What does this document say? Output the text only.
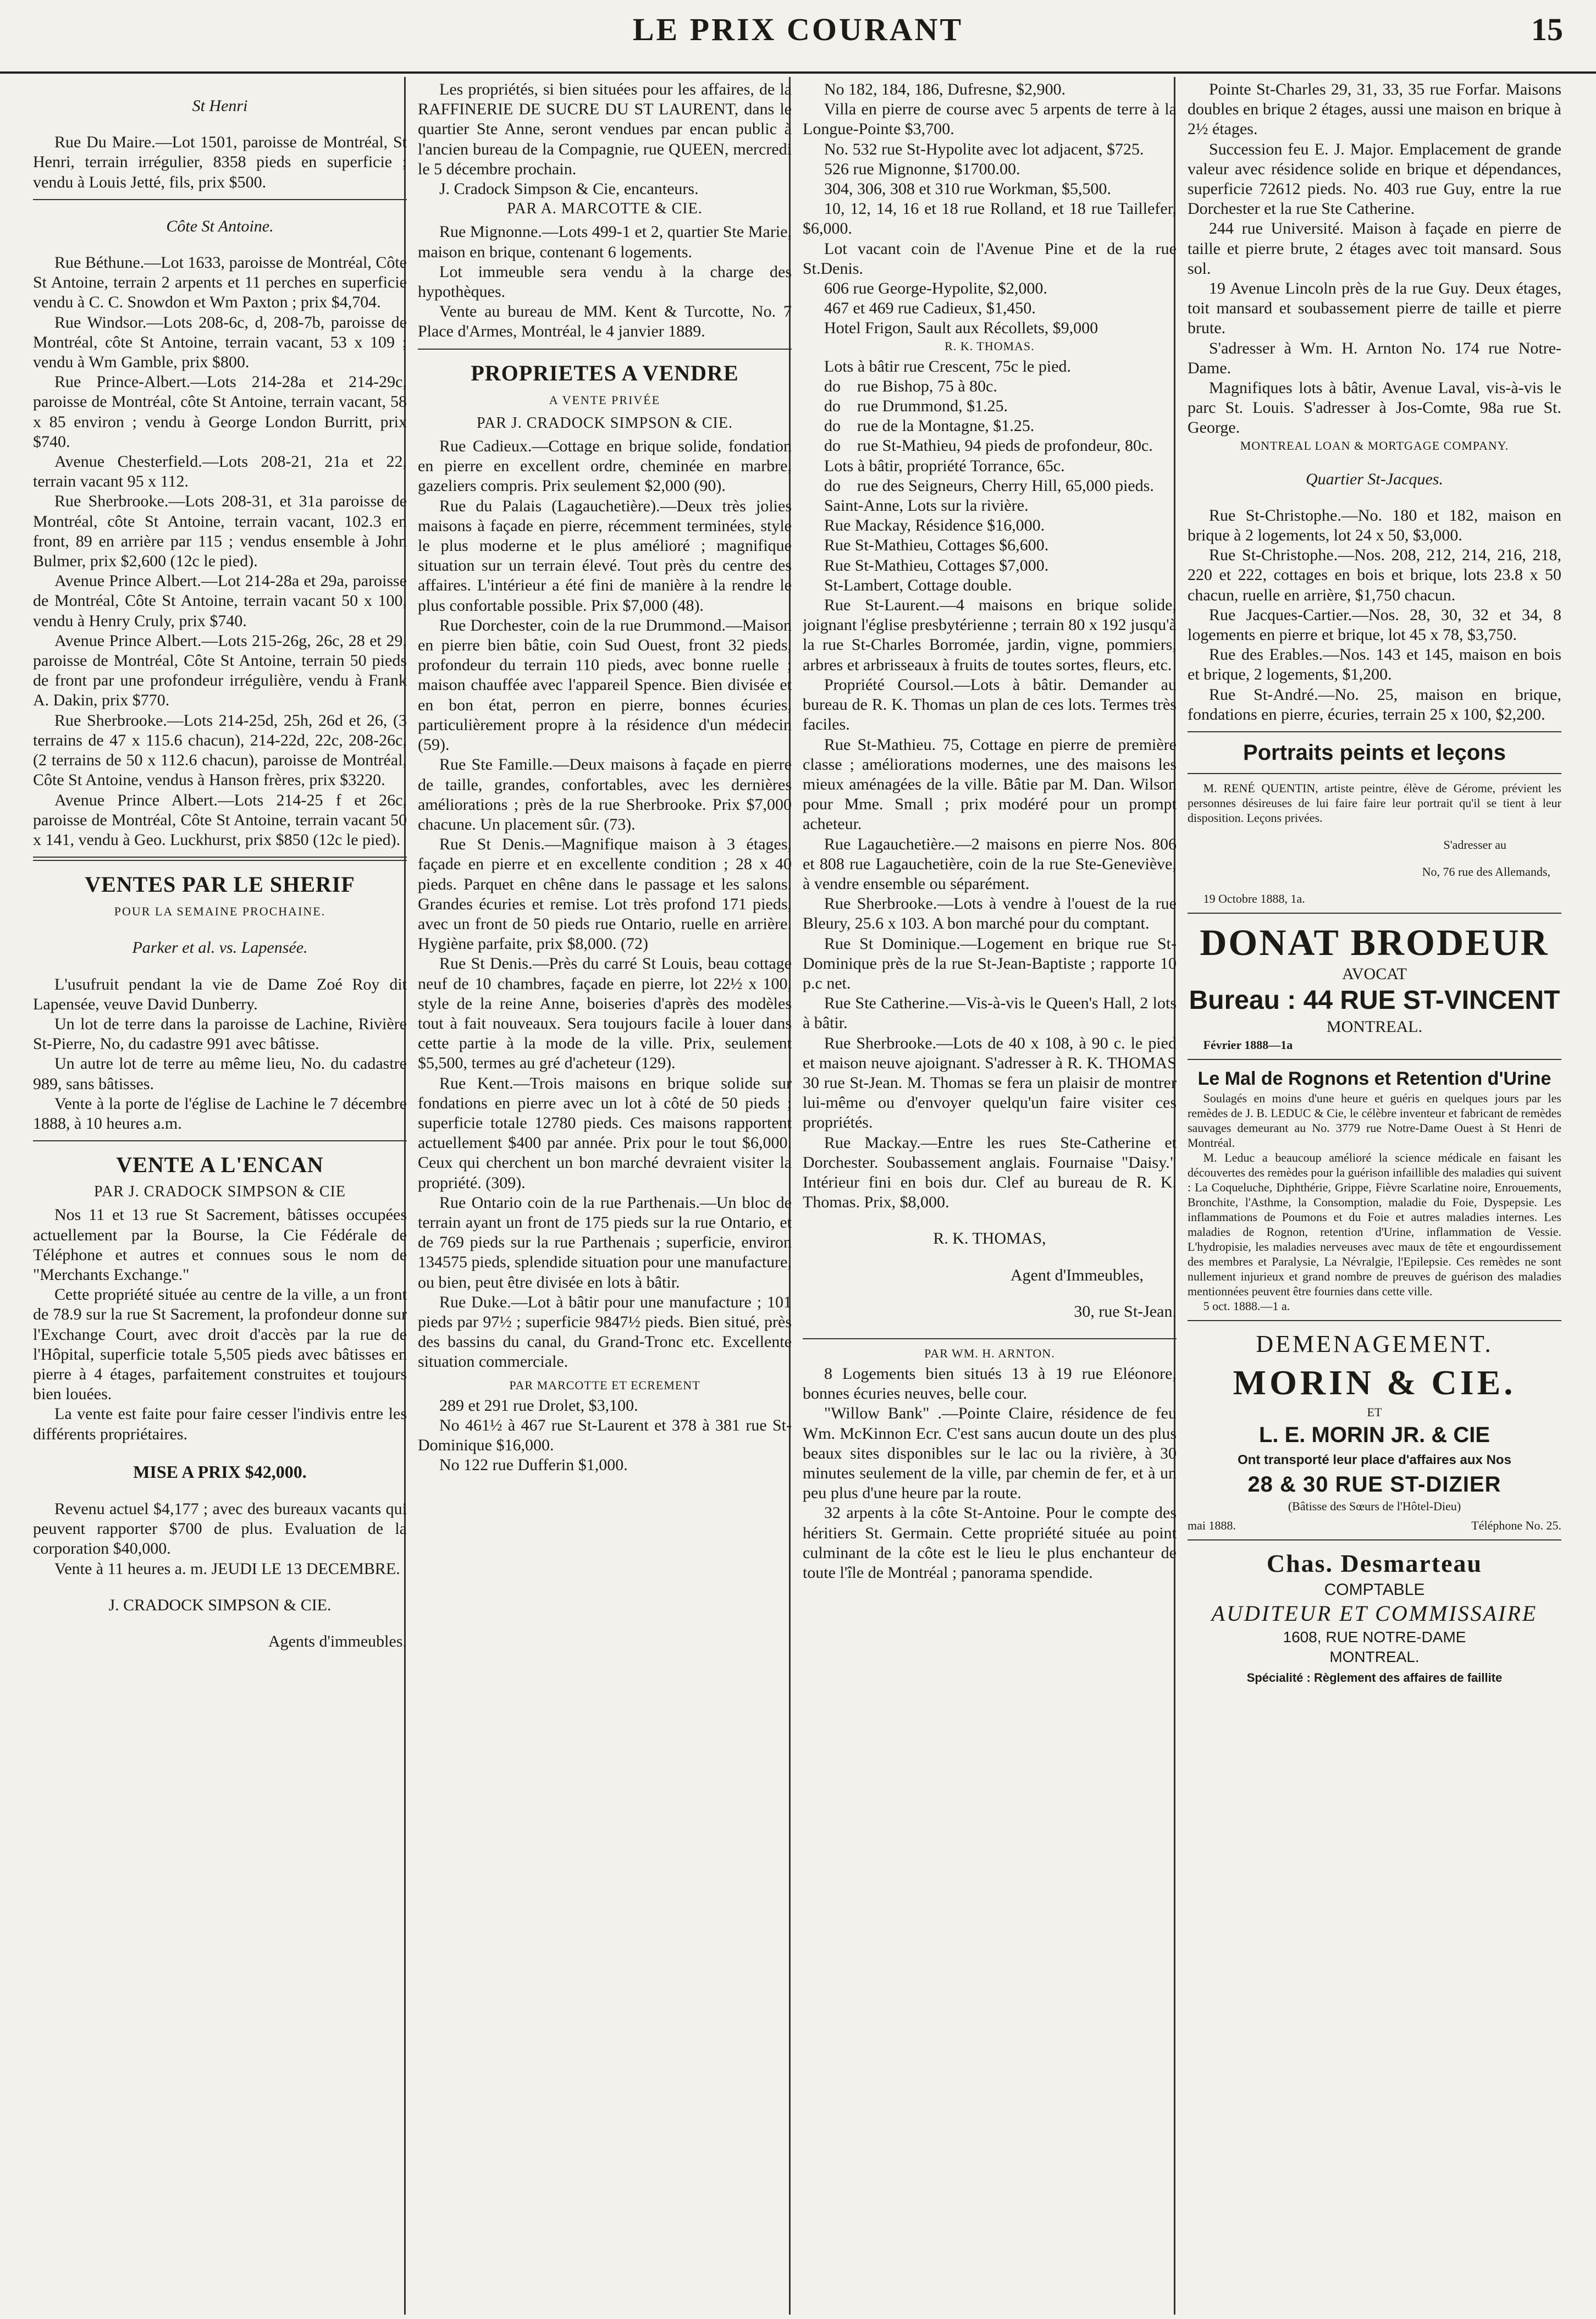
LE PRIX COURANT	15

St Henri

Rue Du Maire.—Lot 1501, paroisse de Montréal, St Henri, terrain irrégulier, 8358 pieds en superficie ; vendu à Louis Jetté, fils, prix $500.

Côte St Antoine.

Rue Béthune.—Lot 1633, paroisse de Montréal, Côte St Antoine, terrain 2 arpents et 11 perches en superficie vendu à C. C. Snowdon et Wm Paxton ; prix $4,704.

Rue Windsor.—Lots 208-6c, d, 208-7b, paroisse de Montréal, côte St Antoine, terrain vacant, 53 x 109 ; vendu à Wm Gamble, prix $800.

Rue Prince-Albert.—Lots 214-28a et 214-29c, paroisse de Montréal, côte St Antoine, terrain vacant, 58 x 85 environ ; vendu à George London Burritt, prix $740.

Avenue Chesterfield.—Lots 208-21, 21a et 22, terrain vacant 95 x 112.

Rue Sherbrooke.—Lots 208-31, et 31a paroisse de Montréal, côte St Antoine, terrain vacant, 102.3 en front, 89 en arrière par 115 ; vendus ensemble à John Bulmer, prix $2,600 (12c le pied).

Avenue Prince Albert.—Lot 214-28a et 29a, paroisse de Montréal, Côte St Antoine, terrain vacant 50 x 100, vendu à Henry Cruly, prix $740.

Avenue Prince Albert.—Lots 215-26g, 26c, 28 et 29, paroisse de Montréal, Côte St Antoine, terrain 50 pieds de front par une profondeur irrégulière, vendu à Frank A. Dakin, prix $770.

Rue Sherbrooke.—Lots 214-25d, 25h, 26d et 26, (3 terrains de 47 x 115.6 chacun), 214-22d, 22c, 208-26c, (2 terrains de 50 x 112.6 chacun), paroisse de Montréal, Côte St Antoine, vendus à Hanson frères, prix $3220.

Avenue Prince Albert.—Lots 214-25 f et 26c, paroisse de Montréal, Côte St Antoine, terrain vacant 50 x 141, vendu à Geo. Luckhurst, prix $850 (12c le pied).

VENTES PAR LE SHERIF
POUR LA SEMAINE PROCHAINE.

Parker et al. vs. Lapensée.

L'usufruit pendant la vie de Dame Zoé Roy dit Lapensée, veuve David Dunberry.

Un lot de terre dans la paroisse de Lachine, Rivière St-Pierre, No, du cadastre 991 avec bâtisse.

Un autre lot de terre au même lieu, No. du cadastre 989, sans bâtisses.

Vente à la porte de l'église de Lachine le 7 décembre 1888, à 10 heures a.m.

VENTE A L'ENCAN
PAR J. CRADOCK SIMPSON & CIE

Nos 11 et 13 rue St Sacrement, bâtisses occupées actuellement par la Bourse, la Cie Fédérale de Téléphone et autres et connues sous le nom de "Merchants Exchange."

Cette propriété située au centre de la ville, a un front de 78.9 sur la rue St Sacrement, la profondeur donne sur l'Exchange Court, avec droit d'accès par la rue de l'Hôpital, superficie totale 5,505 pieds avec bâtisses en pierre à 4 étages, parfaitement construites et toujours bien louées.

La vente est faite pour faire cesser l'indivis entre les différents propriétaires.

MISE A PRIX $42,000.

Revenu actuel $4,177 ; avec des bureaux vacants qui peuvent rapporter $700 de plus. Evaluation de la corporation $40,000.

Vente à 11 heures a. m. JEUDI LE 13 DECEMBRE.

J. CRADOCK SIMPSON & CIE.

Agents d'immeubles.

Les propriétés, si bien situées pour les affaires, de la RAFFINERIE DE SUCRE DU ST LAURENT, dans le quartier Ste Anne, seront vendues par encan public à l'ancien bureau de la Compagnie, rue QUEEN, mercredi le 5 décembre prochain.

J. Cradock Simpson & Cie, encanteurs.

PAR A. MARCOTTE & CIE.

Rue Mignonne.—Lots 499-1 et 2, quartier Ste Marie, maison en brique, contenant 6 logements.

Lot immeuble sera vendu à la charge des hypothèques.

Vente au bureau de MM. Kent & Turcotte, No. 7 Place d'Armes, Montréal, le 4 janvier 1889.

PROPRIETES A VENDRE
A VENTE PRIVÉE
PAR J. CRADOCK SIMPSON & CIE.

Rue Cadieux.—Cottage en brique solide, fondation en pierre en excellent ordre, cheminée en marbre, gazeliers compris. Prix seulement $2,000 (90).

Rue du Palais (Lagauchetière).—Deux très jolies maisons à façade en pierre, récemment terminées, style le plus moderne et le plus amélioré ; magnifique situation sur un terrain élevé. Tout près du centre des affaires. L'intérieur a été fini de manière à la rendre le plus confortable possible. Prix $7,000 (48).

Rue Dorchester, coin de la rue Drummond.—Maison en pierre bien bâtie, coin Sud Ouest, front 32 pieds, profondeur du terrain 110 pieds, avec bonne ruelle ; maison chauffée avec l'appareil Spence. Bien divisée et en bon état, perron en pierre, bonnes écuries, particulièrement propre à la résidence d'un médecin (59).

Rue Ste Famille.—Deux maisons à façade en pierre de taille, grandes, confortables, avec les dernières améliorations ; près de la rue Sherbrooke. Prix $7,000 chacune. Un placement sûr. (73).

Rue St Denis.—Magnifique maison à 3 étages, façade en pierre et en excellente condition ; 28 x 40 pieds. Parquet en chêne dans le passage et les salons. Grandes écuries et remise. Lot très profond 171 pieds, avec un front de 50 pieds rue Ontario, ruelle en arrière. Hygiène parfaite, prix $8,000. (72)

Rue St Denis.—Près du carré St Louis, beau cottage neuf de 10 chambres, façade en pierre, lot 22½ x 100, style de la reine Anne, boiseries d'après des modèles tout à fait nouveaux. Sera toujours facile à louer dans cette partie à la mode de la ville. Prix, seulement $5,500, termes au gré d'acheteur (129).

Rue Kent.—Trois maisons en brique solide sur fondations en pierre avec un lot à côté de 50 pieds ; superficie totale 12780 pieds. Ces maisons rapportent actuellement $400 par année. Prix pour le tout $6,000. Ceux qui cherchent un bon marché devraient visiter la propriété. (309).

Rue Ontario coin de la rue Parthenais.—Un bloc de terrain ayant un front de 175 pieds sur la rue Ontario, et de 769 pieds sur la rue Parthenais ; superficie, environ 134575 pieds, splendide situation pour une manufacture, ou bien, peut être divisée en lots à bâtir.

Rue Duke.—Lot à bâtir pour une manufacture ; 101 pieds par 97½ ; superficie 9847½ pieds. Bien situé, près des bassins du canal, du Grand-Tronc etc. Excellente situation commerciale.

PAR MARCOTTE ET ECREMENT

289 et 291 rue Drolet, $3,100.

No 461½ à 467 rue St-Laurent et 378 à 381 rue St-Dominique $16,000.

No 122 rue Dufferin $1,000.

No 182, 184, 186, Dufresne, $2,900.

Villa en pierre de course avec 5 arpents de terre à la Longue-Pointe $3,700.

No. 532 rue St-Hypolite avec lot adjacent, $725.

526 rue Mignonne, $1700.00.

304, 306, 308 et 310 rue Workman, $5,500.

10, 12, 14, 16 et 18 rue Rolland, et 18 rue Taillefer, $6,000.

Lot vacant coin de l'Avenue Pine et de la rue St.Denis.

606 rue George-Hypolite, $2,000.

467 et 469 rue Cadieux, $1,450.

Hotel Frigon, Sault aux Récollets, $9,000

R. K. THOMAS.

Lots à bâtir rue Crescent, 75c le pied.

do rue Bishop, 75 à 80c.

do rue Drummond, $1.25.

do rue de la Montagne, $1.25.

do rue St-Mathieu, 94 pieds de profondeur, 80c.

Lots à bâtir, propriété Torrance, 65c.

do rue des Seigneurs, Cherry Hill, 65,000 pieds.

Saint-Anne, Lots sur la rivière.

Rue Mackay, Résidence $16,000.

Rue St-Mathieu, Cottages $6,600.

Rue St-Mathieu, Cottages $7,000.

St-Lambert, Cottage double.

Rue St-Laurent.—4 maisons en brique solide, joignant l'église presbytérienne ; terrain 80 x 192 jusqu'à la rue St-Charles Borromée, jardin, vigne, pommiers, arbres et arbrisseaux à fruits de toutes sortes, fleurs, etc.

Propriété Coursol.—Lots à bâtir. Demander au bureau de R. K. Thomas un plan de ces lots. Termes très faciles.

Rue St-Mathieu. 75, Cottage en pierre de première classe ; améliorations modernes, une des maisons les mieux aménagées de la ville. Bâtie par M. Dan. Wilson pour Mme. Small ; prix modéré pour un prompt acheteur.

Rue Lagauchetière.—2 maisons en pierre Nos. 806 et 808 rue Lagauchetière, coin de la rue Ste-Geneviève, à vendre ensemble ou séparément.

Rue Sherbrooke.—Lots à vendre à l'ouest de la rue Bleury, 25.6 x 103. A bon marché pour du comptant.

Rue St Dominique.—Logement en brique rue St-Dominique près de la rue St-Jean-Baptiste ; rapporte 10 p.c net.

Rue Ste Catherine.—Vis-à-vis le Queen's Hall, 2 lots à bâtir.

Rue Sherbrooke.—Lots de 40 x 108, à 90 c. le pied et maison neuve ajoignant. S'adresser à R. K. THOMAS 30 rue St-Jean. M. Thomas se fera un plaisir de montrer lui-même ou d'envoyer quelqu'un faire visiter ces propriétés.

Rue Mackay.—Entre les rues Ste-Catherine et Dorchester. Soubassement anglais. Fournaise "Daisy." Intérieur fini en bois dur. Clef au bureau de R. K. Thomas. Prix, $8,000.

R. K. THOMAS,

Agent d'Immeubles,

30, rue St-Jean.

PAR WM. H. ARNTON.

8 Logements bien situés 13 à 19 rue Eléonore, bonnes écuries neuves, belle cour.

"Willow Bank" .—Pointe Claire, résidence de feu Wm. McKinnon Ecr. C'est sans aucun doute un des plus beaux sites disponibles sur le lac ou la rivière, à 30 minutes seulement de la ville, par chemin de fer, et à un peu plus d'une heure par la route.

32 arpents à la côte St-Antoine. Pour le compte des héritiers St. Germain. Cette propriété située au point culminant de la côte est le lieu le plus enchanteur de toute l'île de Montréal ; panorama spendide.

Pointe St-Charles 29, 31, 33, 35 rue Forfar. Maisons doubles en brique 2 étages, aussi une maison en brique à 2½ étages.

Succession feu E. J. Major. Emplacement de grande valeur avec résidence solide en brique et dépendances, superficie 72612 pieds. No. 403 rue Guy, entre la rue Dorchester et la rue Ste Catherine.

244 rue Université. Maison à façade en pierre de taille et pierre brute, 2 étages avec toit mansard. Sous sol.

19 Avenue Lincoln près de la rue Guy. Deux étages, toit mansard et soubassement pierre de taille et pierre brute.

S'adresser à Wm. H. Arnton No. 174 rue Notre-Dame.

Magnifiques lots à bâtir, Avenue Laval, vis-à-vis le parc St. Louis. S'adresser à Jos-Comte, 98a rue St. George.

MONTREAL LOAN & MORTGAGE COMPANY.

Quartier St-Jacques.

Rue St-Christophe.—No. 180 et 182, maison en brique à 2 logements, lot 24 x 50, $3,000.

Rue St-Christophe.—Nos. 208, 212, 214, 216, 218, 220 et 222, cottages en bois et brique, lots 23.8 x 50 chacun, ruelle en arrière, $1,750 chacun.

Rue Jacques-Cartier.—Nos. 28, 30, 32 et 34, 8 logements en pierre et brique, lot 45 x 78, $3,750.

Rue des Erables.—Nos. 143 et 145, maison en bois et brique, 2 logements, $1,200.

Rue St-André.—No. 25, maison en brique, fondations en pierre, écuries, terrain 25 x 100, $2,200.

Portraits peints et leçons

M. RENÉ QUENTIN, artiste peintre, élève de Gérome, prévient les personnes désireuses de lui faire faire leur portrait qu'il se tient à leur disposition. Leçons privées.

S'adresser au

No, 76 rue des Allemands,

19 Octobre 1888, 1a.

DONAT BRODEUR
AVOCAT
Bureau : 44 RUE ST-VINCENT
MONTREAL.

Février 1888—1a

Le Mal de Rognons et Retention d'Urine

Soulagés en moins d'une heure et guéris en quelques jours par les remèdes de J. B. LEDUC & Cie, le célèbre inventeur et fabricant de remèdes sauvages demeurant au No. 3779 rue Notre-Dame Ouest à St Henri de Montréal.

M. Leduc a beaucoup amélioré la science médicale en faisant les découvertes des remèdes pour la guérison infaillible des maladies qui suivent : La Coqueluche, Diphthérie, Grippe, Fièvre Scarlatine noire, Enrouements, Bronchite, l'Asthme, la Consomption, maladie du Foie, Dyspepsie. Les inflammations de Poumons et du Foie et autres maladies internes. Les maladies de Rognon, retention d'Urine, inflammation de Vessie. L'hydropisie, les maladies nerveuses avec maux de tête et engourdissement des membres et Paralysie, La Névralgie, l'Epilepsie. Ces remèdes ne sont nullement injurieux et grand nombre de preuves de guérison des maladies mentionnées peuvent être fournies dans cette ville.

5 oct. 1888.—1 a.

DEMENAGEMENT.
MORIN & CIE.
ET
L. E. MORIN JR. & CIE
Ont transporté leur place d'affaires aux Nos
28 & 30 RUE ST-DIZIER
(Bâtisse des Sœurs de l'Hôtel-Dieu)
mai 1888.	Téléphone No. 25.
Chas. Desmarteau
COMPTABLE
AUDITEUR ET COMMISSAIRE
1608, RUE NOTRE-DAME
MONTREAL.
Spécialité : Règlement des affaires de faillite
